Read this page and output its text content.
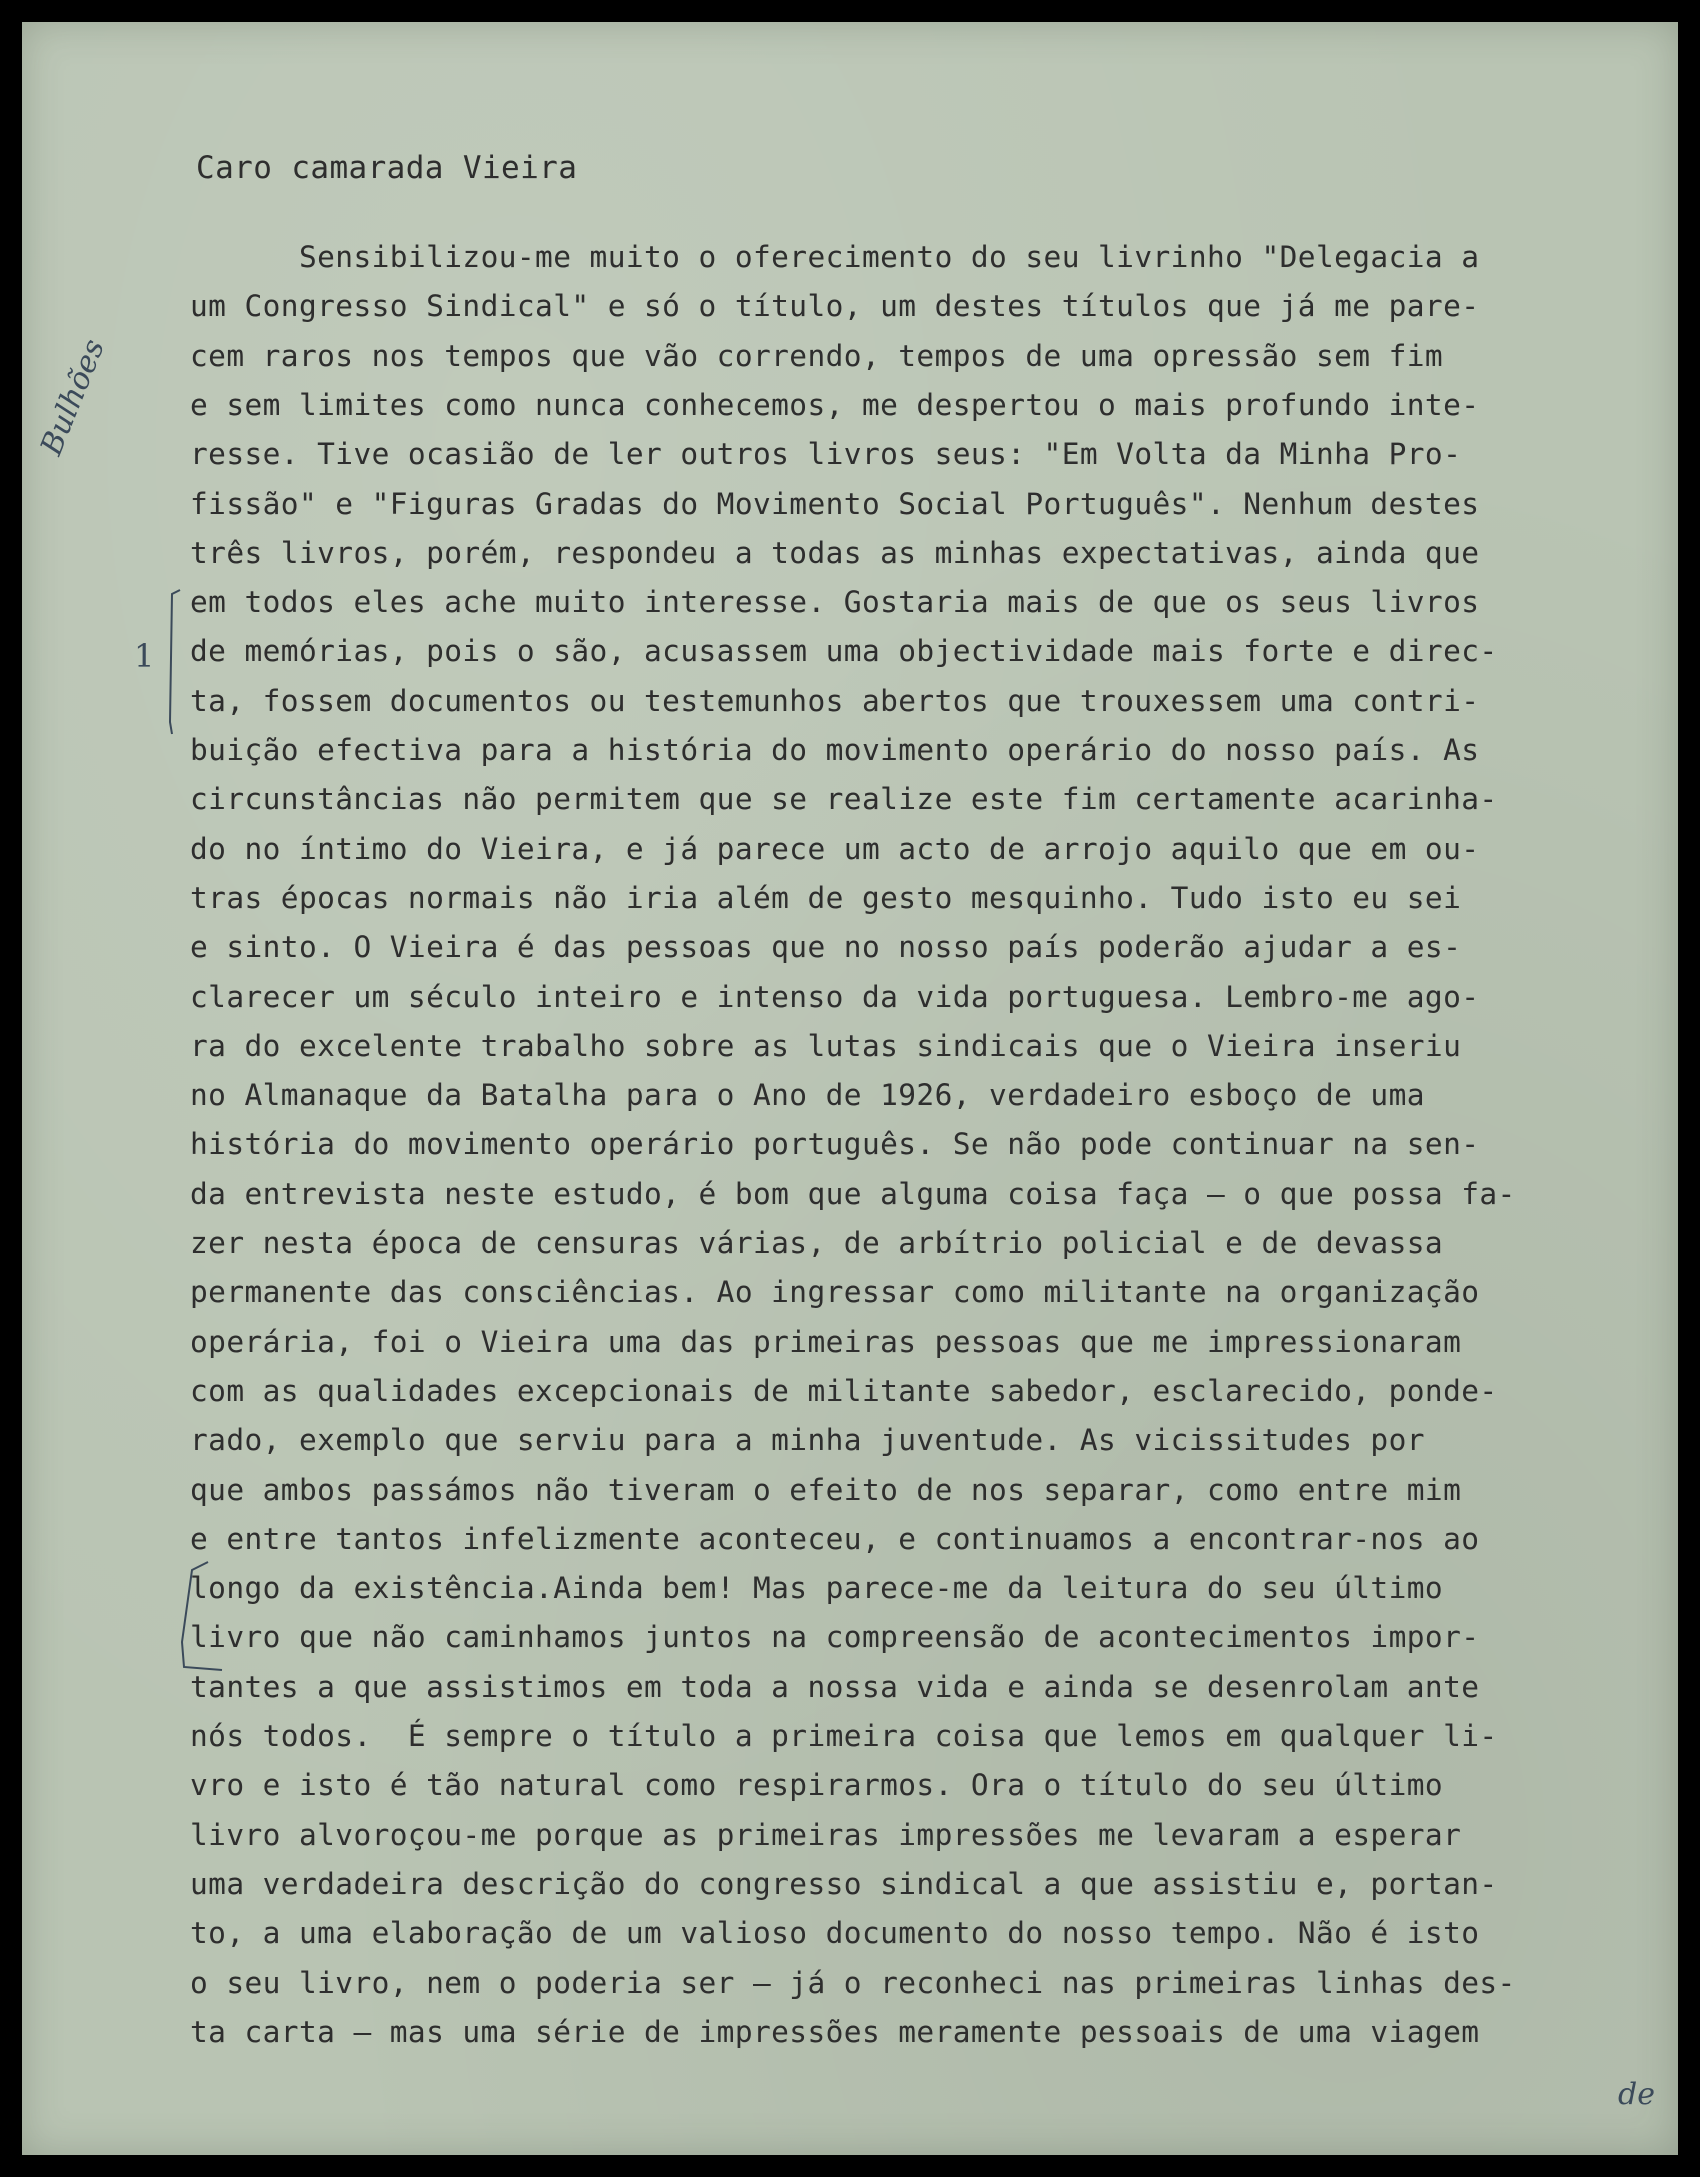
Caro camarada Vieira
Bulhões
1
de
Sensibilizou-me muito o oferecimento do seu livrinho "Delegacia a
um Congresso Sindical" e só o título, um destes títulos que já me pare-
cem raros nos tempos que vão correndo, tempos de uma opressão sem fim
e sem limites como nunca conhecemos, me despertou o mais profundo inte-
resse. Tive ocasião de ler outros livros seus: "Em Volta da Minha Pro-
fissão" e "Figuras Gradas do Movimento Social Português". Nenhum destes
três livros, porém, respondeu a todas as minhas expectativas, ainda que
em todos eles ache muito interesse. Gostaria mais de que os seus livros
de memórias, pois o são, acusassem uma objectividade mais forte e direc-
ta, fossem documentos ou testemunhos abertos que trouxessem uma contri-
buição efectiva para a história do movimento operário do nosso país. As
circunstâncias não permitem que se realize este fim certamente acarinha-
do no íntimo do Vieira, e já parece um acto de arrojo aquilo que em ou-
tras épocas normais não iria além de gesto mesquinho. Tudo isto eu sei
e sinto. O Vieira é das pessoas que no nosso país poderão ajudar a es-
clarecer um século inteiro e intenso da vida portuguesa. Lembro-me ago-
ra do excelente trabalho sobre as lutas sindicais que o Vieira inseriu
no Almanaque da Batalha para o Ano de 1926, verdadeiro esboço de uma
história do movimento operário português. Se não pode continuar na sen-
da entrevista neste estudo, é bom que alguma coisa faça — o que possa fa-
zer nesta época de censuras várias, de arbítrio policial e de devassa
permanente das consciências. Ao ingressar como militante na organização
operária, foi o Vieira uma das primeiras pessoas que me impressionaram
com as qualidades excepcionais de militante sabedor, esclarecido, ponde-
rado, exemplo que serviu para a minha juventude. As vicissitudes por
que ambos passámos não tiveram o efeito de nos separar, como entre mim
e entre tantos infelizmente aconteceu, e continuamos a encontrar-nos ao
longo da existência.Ainda bem! Mas parece-me da leitura do seu último
livro que não caminhamos juntos na compreensão de acontecimentos impor-
tantes a que assistimos em toda a nossa vida e ainda se desenrolam ante
nós todos.  É sempre o título a primeira coisa que lemos em qualquer li-
vro e isto é tão natural como respirarmos. Ora o título do seu último
livro alvoroçou-me porque as primeiras impressões me levaram a esperar
uma verdadeira descrição do congresso sindical a que assistiu e, portan-
to, a uma elaboração de um valioso documento do nosso tempo. Não é isto
o seu livro, nem o poderia ser — já o reconheci nas primeiras linhas des-
ta carta — mas uma série de impressões meramente pessoais de uma viagem
